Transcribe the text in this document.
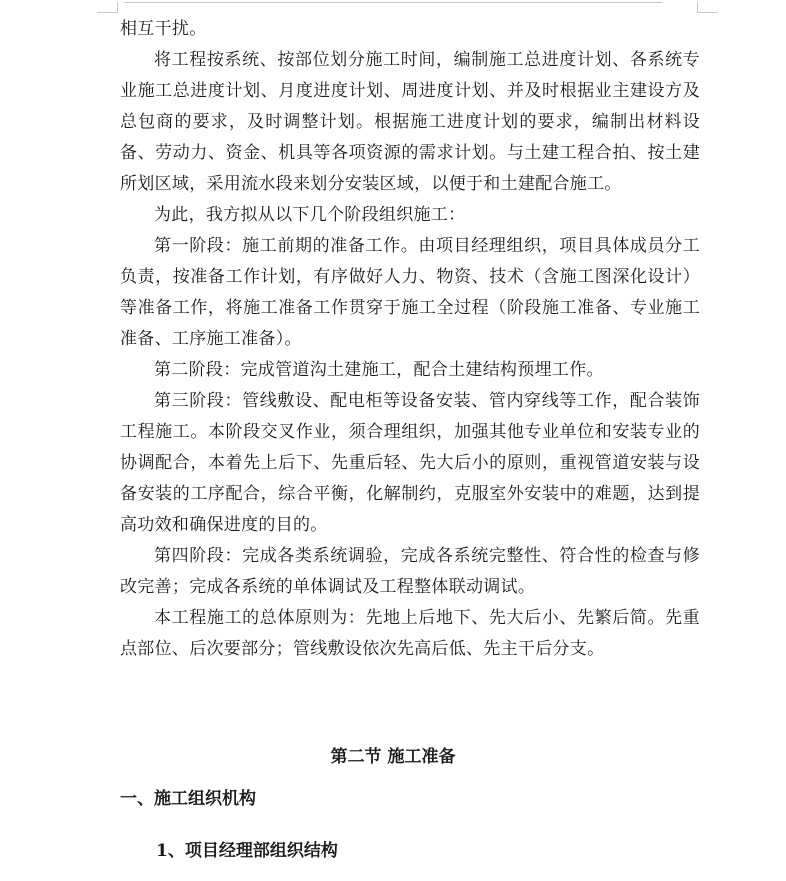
相互干扰。

将工程按系统、按部位划分施工时间，编制施工总进度计划、各系统专业施工总进度计划、月度进度计划、周进度计划、并及时根据业主建设方及总包商的要求，及时调整计划。根据施工进度计划的要求，编制出材料设备、劳动力、资金、机具等各项资源的需求计划。与土建工程合拍、按土建所划区域，采用流水段来划分安装区域，以便于和土建配合施工。

为此，我方拟从以下几个阶段组织施工：

第一阶段：施工前期的准备工作。由项目经理组织，项目具体成员分工负责，按准备工作计划，有序做好人力、物资、技术（含施工图深化设计）等准备工作，将施工准备工作贯穿于施工全过程（阶段施工准备、专业施工准备、工序施工准备）。

第二阶段：完成管道沟土建施工，配合土建结构预埋工作。

第三阶段：管线敷设、配电柜等设备安装、管内穿线等工作，配合装饰工程施工。本阶段交叉作业，须合理组织，加强其他专业单位和安装专业的协调配合，本着先上后下、先重后轻、先大后小的原则，重视管道安装与设备安装的工序配合，综合平衡，化解制约，克服室外安装中的难题，达到提高功效和确保进度的目的。

第四阶段：完成各类系统调验，完成各系统完整性、符合性的检查与修改完善；完成各系统的单体调试及工程整体联动调试。

本工程施工的总体原则为：先地上后地下、先大后小、先繁后简。先重点部位、后次要部分；管线敷设依次先高后低、先主干后分支。

第二节 施工准备
一、施工组织机构
1、项目经理部组织结构
